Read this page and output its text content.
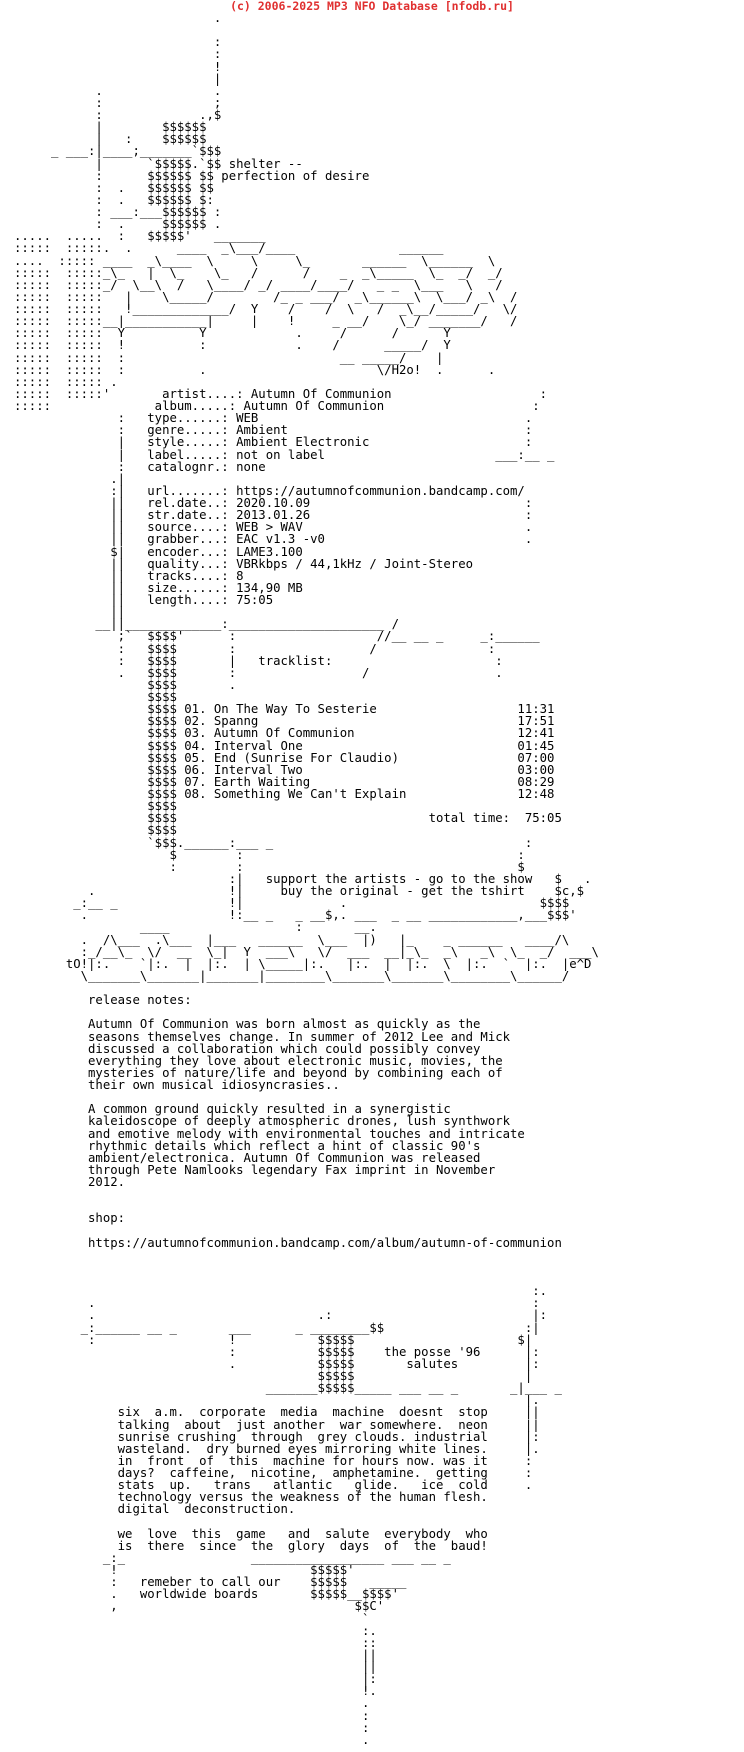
(c) 2006-2025 MP3 NFO Database [nfodb.ru]
.

:
:
!
|
.               .
:               ;
:             .,$
|        $$$$$$
|   :    $$$$$$
_ ___:|____;_______`$$$
|      `$$$$$.`$$ shelter --
:      $$$$$$ $$ perfection of desire
:  .   $$$$$$ $$
:  .   $$$$$$ $:
: ___:___$$$$$$ :
:  .     $$$$$$ .
.....  .....  :   $$$$$'   _______
:::::  :::::.  .      ____  _\___/____              ______
....  ::::: ____  _\____  \     \     \_       ______  \______  \
:::::  :::::_\_   |  \_    \_   /      /    _  _\_____  \_  _/  _/
:::::  :::::_/  \__\  /   \____/ _/ ____/____/   _ _  \___   \   /
:::::  :::::   |    \_____/        /_ _ ___/  _\______\  \___/ _\  /
:::::  :::::   !_____________/  Y    /    /  \   /  _\__/_____/   \/
:::::  :::::__|___________|     |    !     _ __/    \_/ _______/   /
:::::  :::::  Y          Y            .     /      /      Y
:::::  :::::  !          :            .    /      _____/  Y
:::::  :::::  :                             __ _____/    |
:::::  :::::  :          .                       \/H2o!  .      .
:::::  ::::: .
:::::  :::::'       artist....: Autumn Of Communion                    :
:::::              album.....: Autumn Of Communion                    :
:   type......: WEB                                    .
:   genre.....: Ambient                                :
|   style.....: Ambient Electronic                     :
|   label.....: not on label                       ___:__ _
:   catalognr.: none
.|
:|   url.......: https://autumnofcommunion.bandcamp.com/
||   rel.date..: 2020.10.09                             :
||   str.date..: 2013.01.26                             :
||   source....: WEB > WAV                              .
||   grabber...: EAC v1.3 -v0                           .
$|   encoder...: LAME3.100
||   quality...: VBRkbps / 44,1kHz / Joint-Stereo
||   tracks....: 8
||   size......: 134,90 MB
||   length....: 75:05
||
__||_____________:_____________________ /
;`  $$$$'      :                   //__ __ _     _:______
:   $$$$       :                  /               :
:   $$$$       |   tracklist:                      :
.   $$$$       :                 /                 .
$$$$       .
$$$$
$$$$ 01. On The Way To Sesterie                   11:31
$$$$ 02. Spanng                                   17:51
$$$$ 03. Autumn Of Communion                      12:41
$$$$ 04. Interval One                             01:45
$$$$ 05. End (Sunrise For Claudio)                07:00
$$$$ 06. Interval Two                             03:00
$$$$ 07. Earth Waiting                            08:29
$$$$ 08. Something We Can't Explain               12:48
$$$$
$$$$                                  total time:  75:05
$$$$
`$$$.______:___ _                                  :
$        :                                     :
:        :                                     $
:|   support the artists - go to the show   $   .
.                  !|     buy the original - get the tshirt    $c,$
_:__ _               !|             .                          $$$$
.                   !:__ _   _ __$,. ___  _ __ ____________,___$$$'
____                 :       __.
.  /\___  .\___  |___   ______  \___  |)   |_    _ ______   ____/\
:_/__\_  \/  __  \_|  Y  ___\   \/  ___  __|_\_  _\   _\  \_  _/  ___\
tO!|:.    `|:.  |  |:.  | \_____|:.   |:.  |  |:.  \  |:.  `  |:.  |e^D
\_______\_______|_______|________\_______\_______\________\______/

release notes:

Autumn Of Communion was born almost as quickly as the
seasons themselves change. In summer of 2012 Lee and Mick
discussed a collaboration which could possibly convey
everything they love about electronic music, movies, the
mysteries of nature/life and beyond by combining each of
their own musical idiosyncrasies..

A common ground quickly resulted in a synergistic
kaleidoscope of deeply atmospheric drones, lush synthwork
and emotive melody with environmental touches and intricate
rhythmic details which reflect a hint of classic 90's
ambient/electronica. Autumn Of Communion was released
through Pete Namlooks legendary Fax imprint in November
2012.

shop:

https://autumnofcommunion.bandcamp.com/album/autumn-of-communion

:.
.                                                           :
.                              .:                           |:
_:______ __ _       ___      _ ________$$                   :|
:                  !           $$$$$                      $|
:           $$$$$    the posse '96      |:
.           $$$$$       salutes         |:
$$$$$                       |
_______$$$$$_____ ___ __ _       _|___ _
|.
six  a.m.  corporate  media  machine  doesnt  stop     ||
talking  about  just another  war somewhere.  neon     ||
sunrise crushing  through  grey clouds. industrial     |:
wasteland.  dry burned eyes mirroring white lines.     |.
in  front  of  this  machine for hours now. was it     :
days?  caffeine,  nicotine,  amphetamine.  getting     :
stats  up.   trans   atlantic   glide.   ice  cold     .
technology versus the weakness of the human flesh.
digital  deconstruction.

we  love  this  game   and  salute  everybody  who
is  there  since  the  glory  days  of  the  baud!
_:_                 __________________ ___ __ _
!                          $$$$$'
:   remeber to call our    $$$$$   _____
.   worldwide boards       $$$$$__$$$$'
,                                $$C'
`
:.
::
||
||
|:
!.
.
:
:
.
